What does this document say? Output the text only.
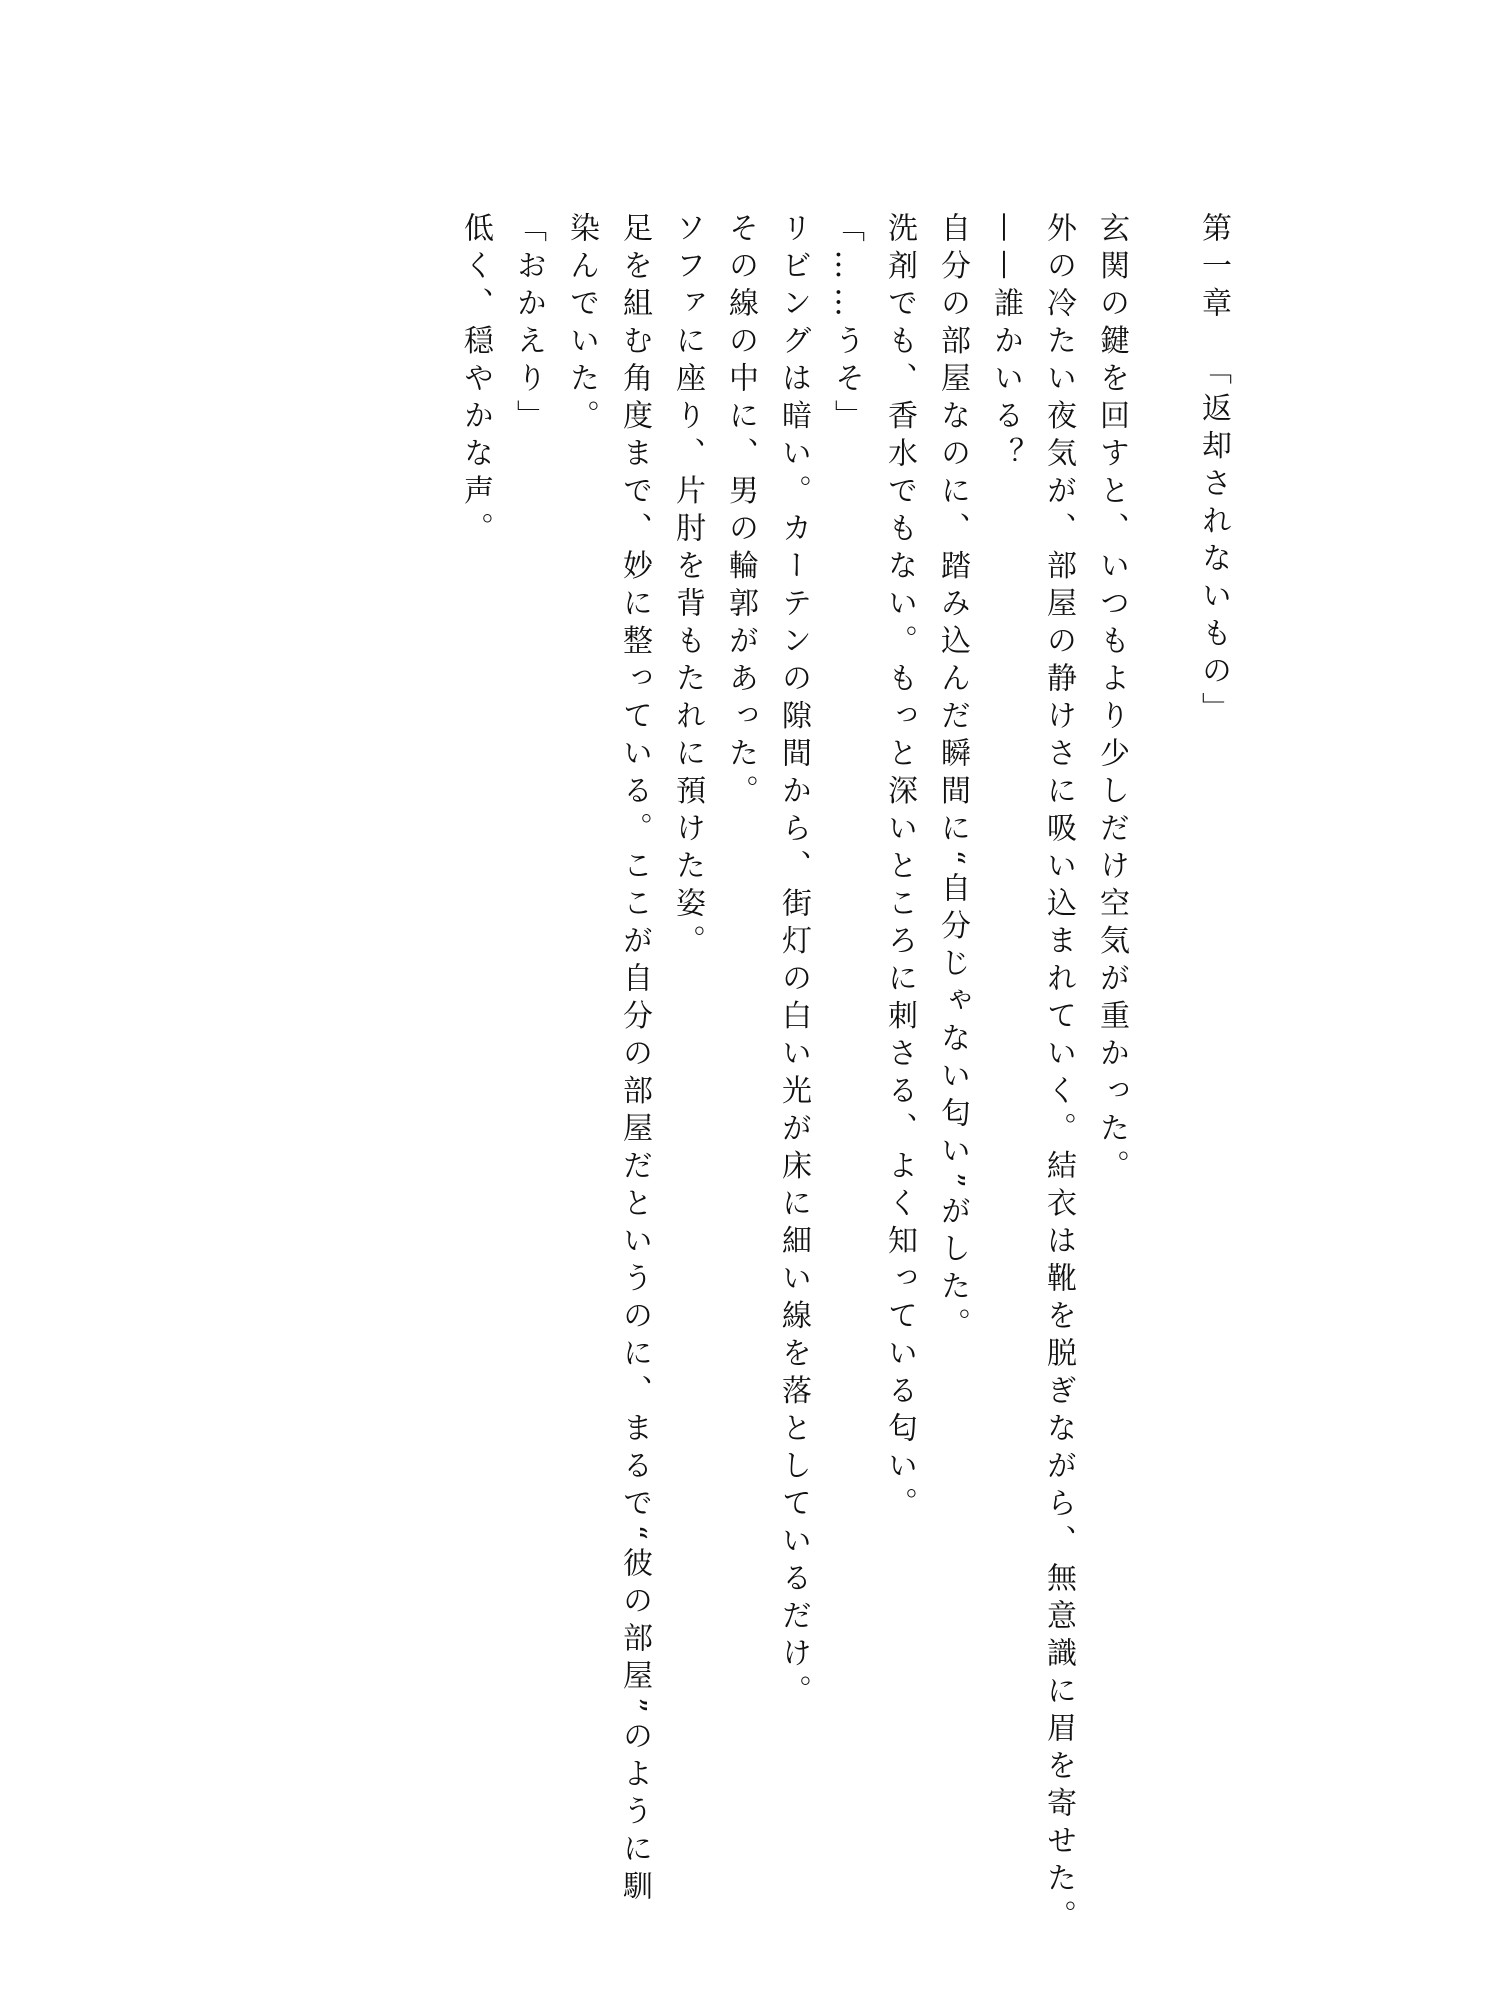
第一章「返却されないもの」
玄関の鍵を回すと、いつもより少しだけ空気が重かった。
外の冷たい夜気が、部屋の静けさに吸い込まれていく。結衣は靴を脱ぎながら、無意識に眉を寄せた。
——誰かいる？
自分の部屋なのに、踏み込んだ瞬間に“自分じゃない匂い”がした。
洗剤でも、香水でもない。もっと深いところに刺さる、よく知っている匂い。
「……うそ」
リビングは暗い。カーテンの隙間から、街灯の白い光が床に細い線を落としているだけ。
その線の中に、男の輪郭があった。
ソファに座り、片肘を背もたれに預けた姿。
足を組む角度まで、妙に整っている。ここが自分の部屋だというのに、まるで“彼の部屋”のように馴
染んでいた。
「おかえり」
低く、穏やかな声。
